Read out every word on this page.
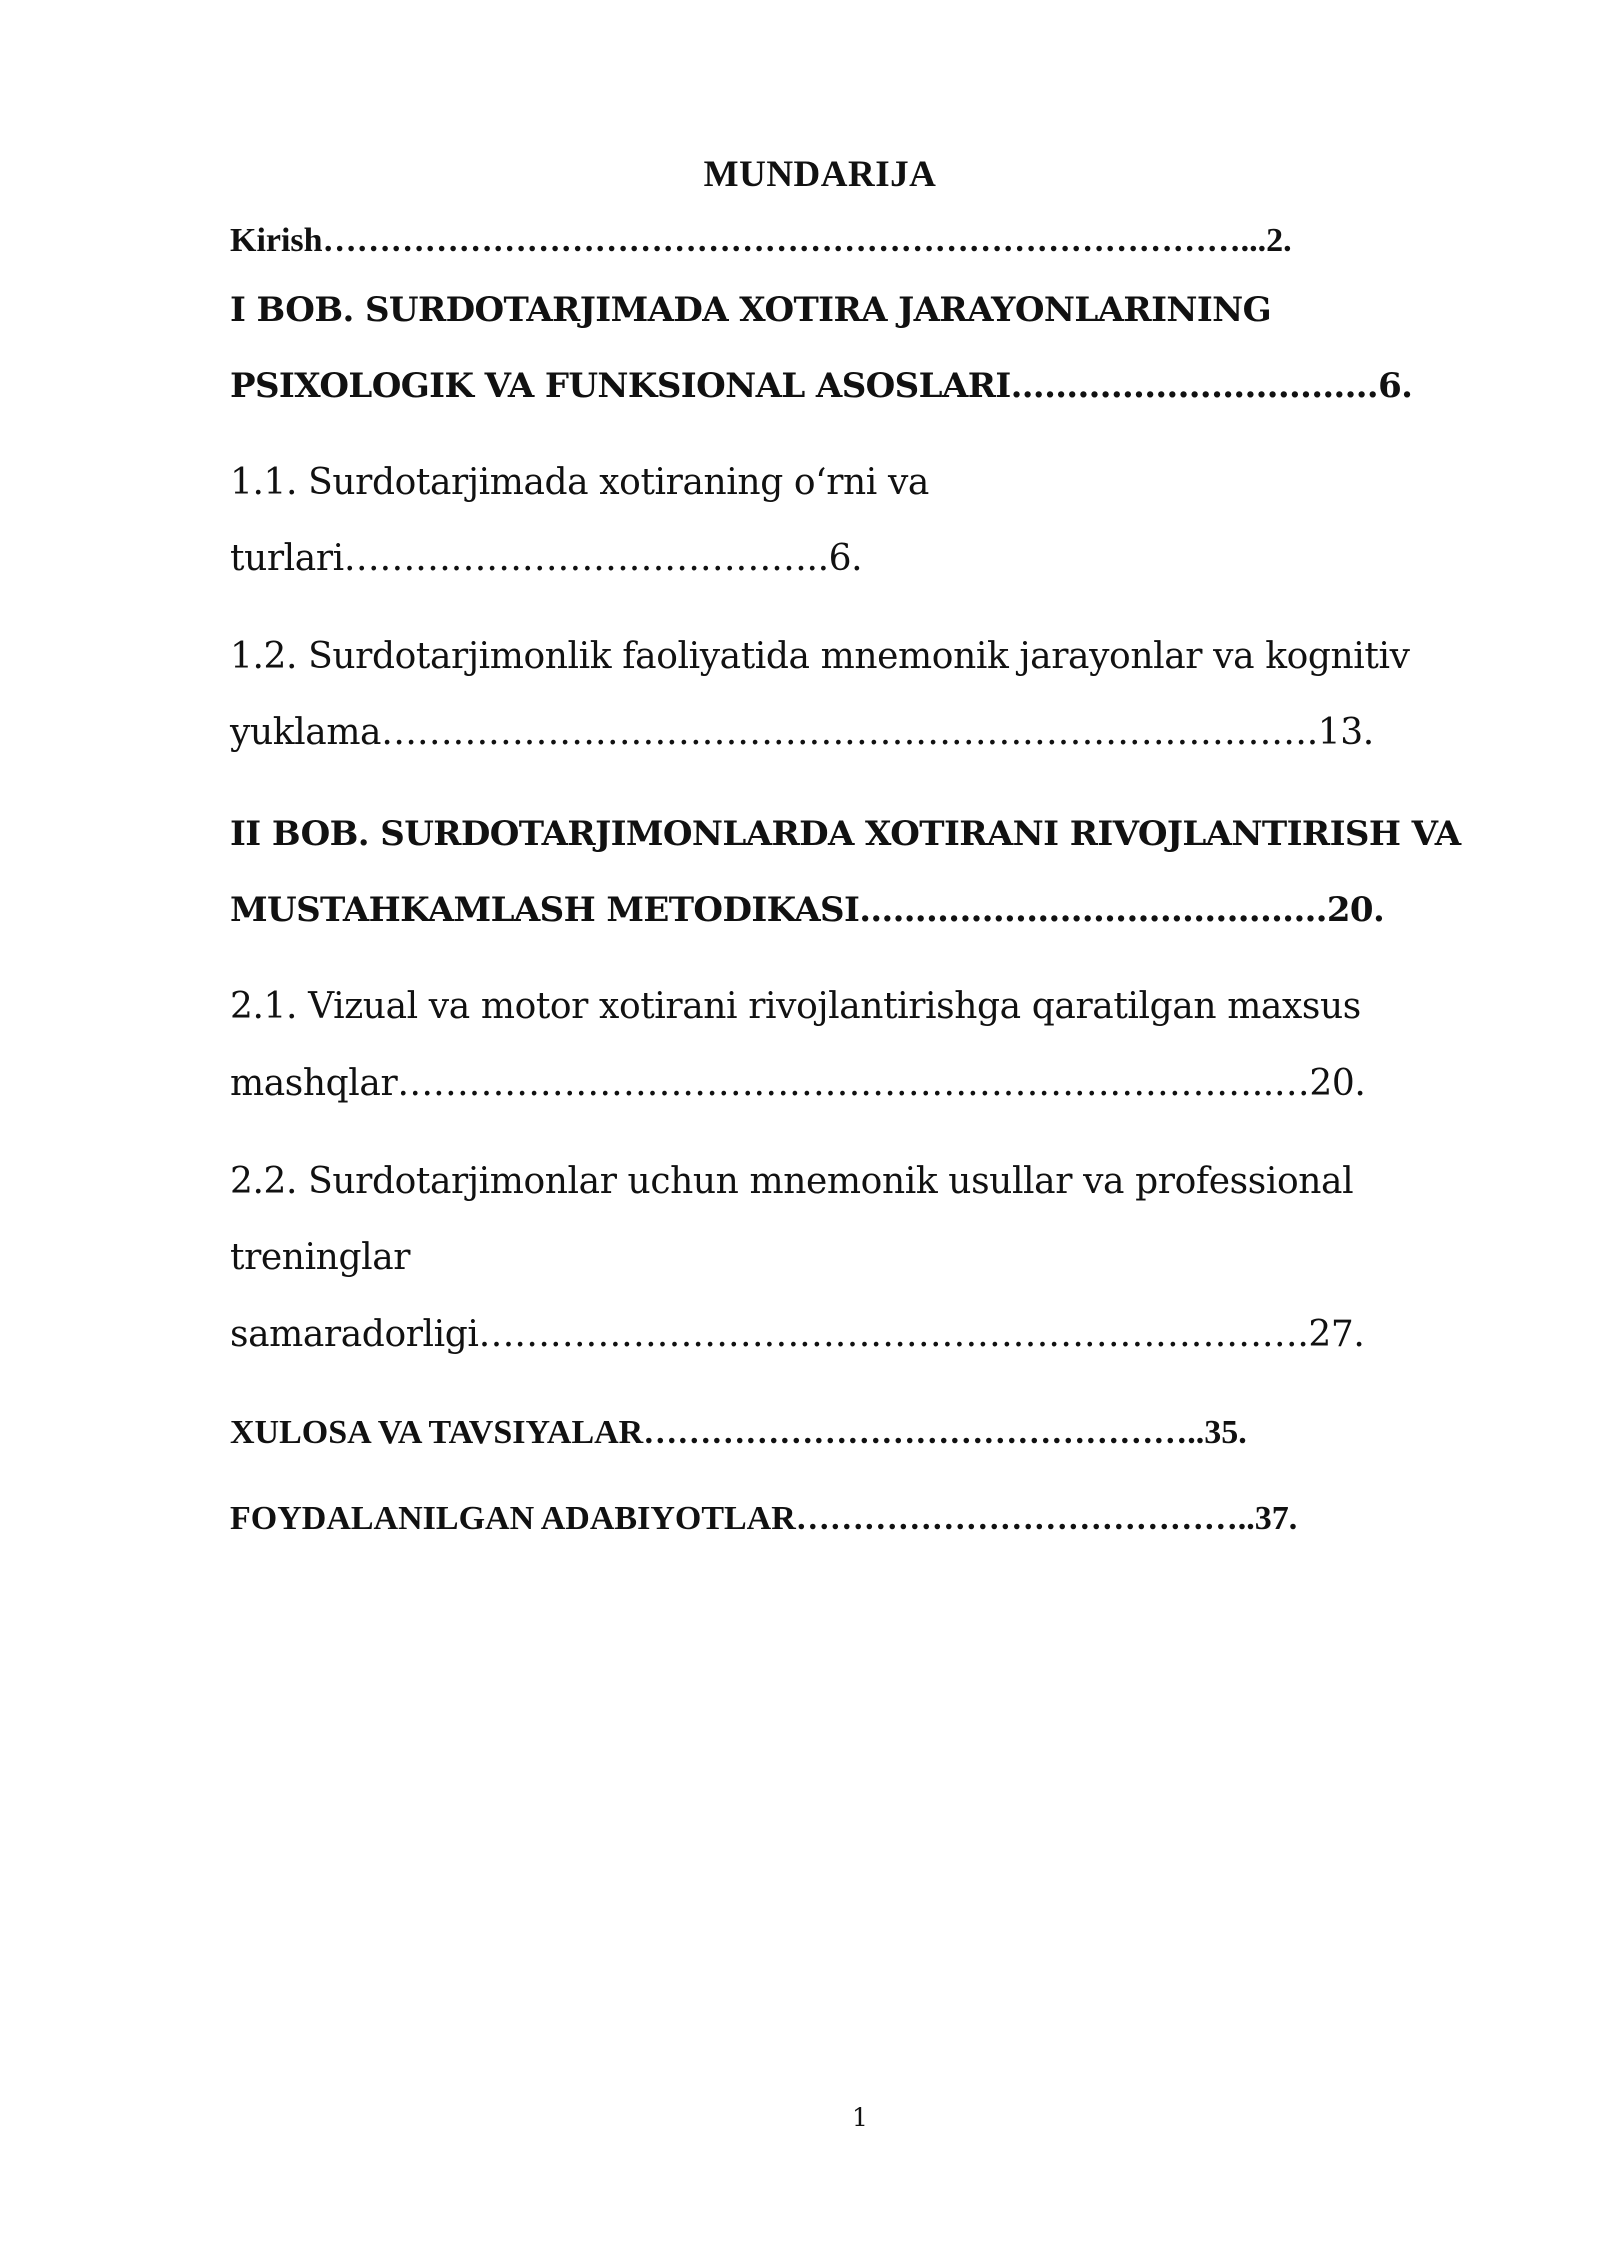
MUNDARIJA
Kirish………………………………………………………………………...2.
I BOB. SURDOTARJIMADA XOTIRA JARAYONLARINING
PSIXOLOGIK VA FUNKSIONAL ASOSLARI……………………………6.
1.1. Surdotarjimada xotiraning o‘rni va
turlari…………………………………..6.
1.2. Surdotarjimonlik faoliyatida mnemonik jarayonlar va kognitiv
yuklama…………………………………………………………………….13.
II BOB. SURDOTARJIMONLARDA XOTIRANI RIVOJLANTIRISH VA
MUSTAHKAMLASH METODIKASI……………………………………20.
2.1. Vizual va motor xotirani rivojlantirishga qaratilgan maxsus
mashqlar………………………………………………………………..…20.
2.2. Surdotarjimonlar uchun mnemonik usullar va professional
treninglar
samaradorligi…………………………………………………………….27.
XULOSA VA TAVSIYALAR…………………………………………..35.
FOYDALANILGAN ADABIYOTLAR…………………………………..37.
1
